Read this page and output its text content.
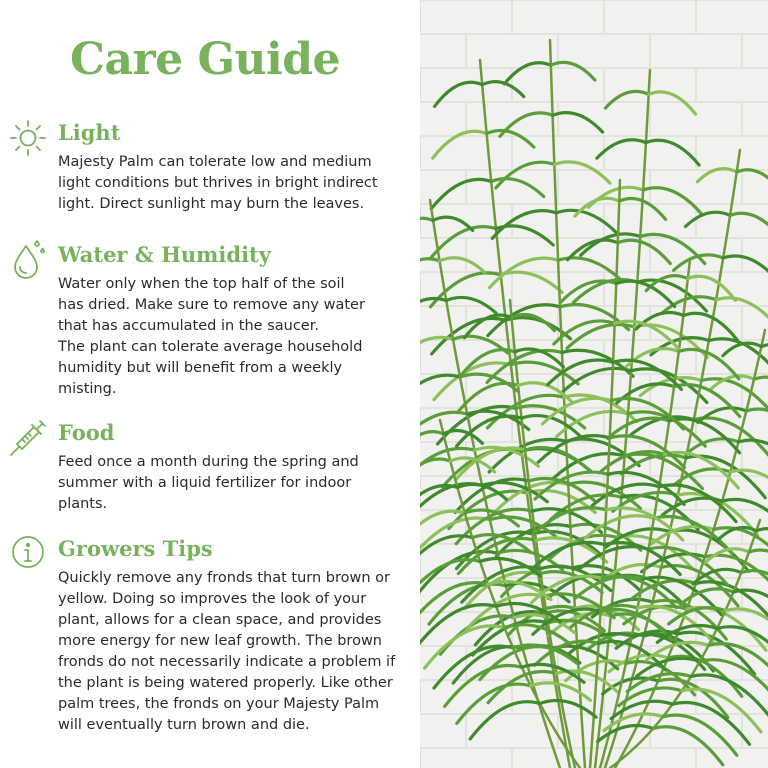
Care Guide
Light
Majesty Palm can tolerate low and medium
light conditions but thrives in bright indirect
light. Direct sunlight may burn the leaves.
Water & Humidity
Water only when the top half of the soil
has dried. Make sure to remove any water
that has accumulated in the saucer.
The plant can tolerate average household
humidity but will benefit from a weekly
misting.
Food
Feed once a month during the spring and
summer with a liquid fertilizer for indoor
plants.
Growers Tips
Quickly remove any fronds that turn brown or
yellow. Doing so improves the look of your
plant, allows for a clean space, and provides
more energy for new leaf growth. The brown
fronds do not necessarily indicate a problem if
the plant is being watered properly. Like other
palm trees, the fronds on your Majesty Palm
will eventually turn brown and die.
